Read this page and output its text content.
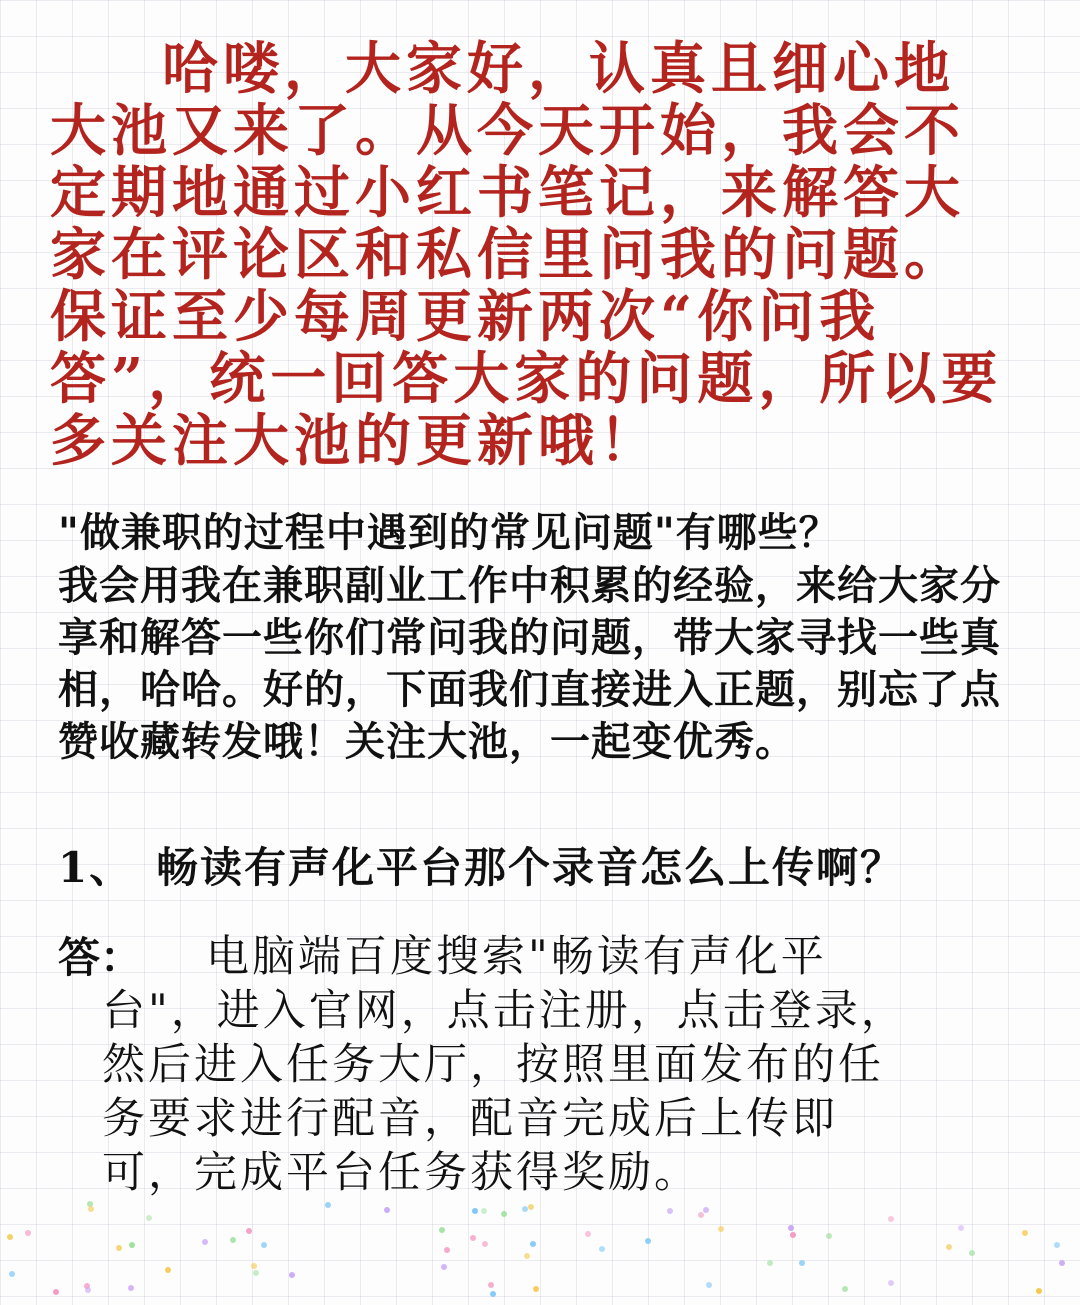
哈喽，大家好，认真且细心地大池又来了。从今天开始，我会不定期地通过小红书笔记，来解答大家在评论区和私信里问我的问题。保证至少每周更新两次“你问我答”，统一回答大家的问题，所以要多关注大池的更新哦！

"做兼职的过程中遇到的常见问题"有哪些？

我会用我在兼职副业工作中积累的经验，来给大家分享和解答一些你们常问我的问题，带大家寻找一些真相，哈哈。好的，下面我们直接进入正题，别忘了点赞收藏转发哦！关注大池，一起变优秀。

1、 畅读有声化平台那个录音怎么上传啊？

答：	电脑端百度搜索"畅读有声化平台"，进入官网，点击注册，点击登录，然后进入任务大厅，按照里面发布的任务要求进行配音，配音完成后上传即可，完成平台任务获得奖励。
